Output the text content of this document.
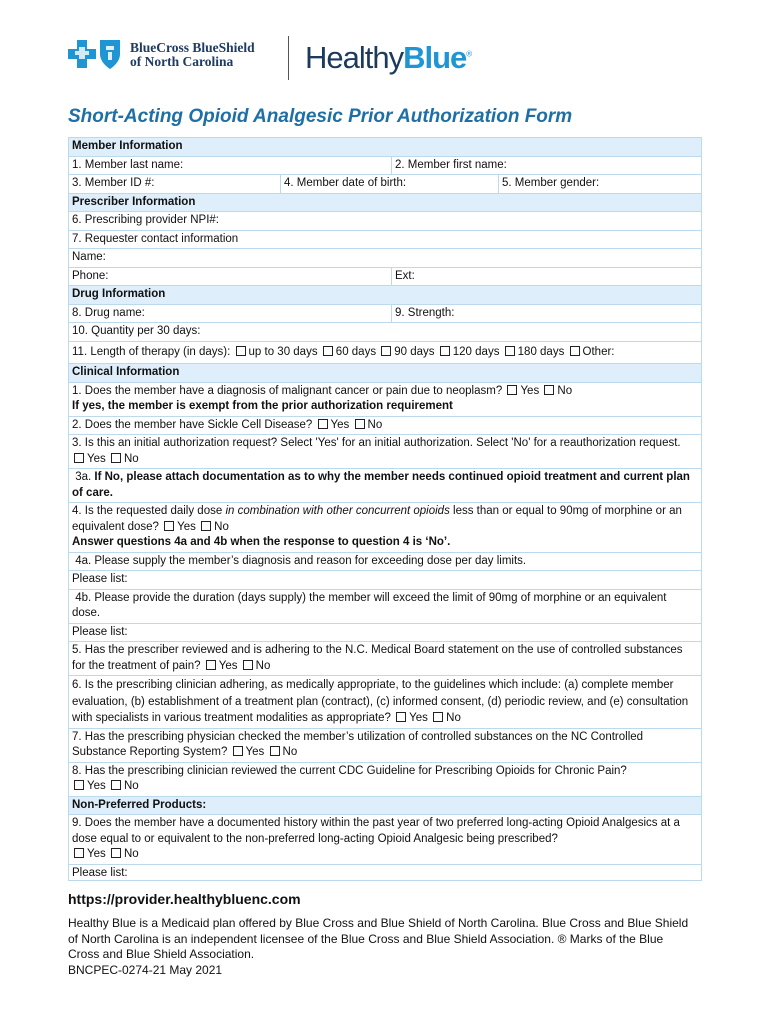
BlueCross BlueShield
of North Carolina	HealthyBlue®
Short-Acting Opioid Analgesic Prior Authorization Form
Member Information
1. Member last name:	2. Member first name:
3. Member ID #:	4. Member date of birth:	5. Member gender:
Prescriber Information
6. Prescribing provider NPI#:
7. Requester contact information
Name:
Phone:	Ext:
Drug Information
8. Drug name:	9. Strength:
10. Quantity per 30 days:
11. Length of therapy (in days): up to 30 days 60 days 90 days 120 days 180 days Other:
Clinical Information
1. Does the member have a diagnosis of malignant cancer or pain due to neoplasm? Yes No
If yes, the member is exempt from the prior authorization requirement
2. Does the member have Sickle Cell Disease? Yes No
3. Is this an initial authorization request? Select 'Yes' for an initial authorization. Select 'No' for a reauthorization request. Yes No
3a. If No, please attach documentation as to why the member needs continued opioid treatment and current plan of care.
4. Is the requested daily dose in combination with other concurrent opioids less than or equal to 90mg of morphine or an equivalent dose? Yes No
Answer questions 4a and 4b when the response to question 4 is ‘No’.
4a. Please supply the member’s diagnosis and reason for exceeding dose per day limits.
Please list:
4b. Please provide the duration (days supply) the member will exceed the limit of 90mg of morphine or an equivalent dose.
Please list:
5. Has the prescriber reviewed and is adhering to the N.C. Medical Board statement on the use of controlled substances for the treatment of pain? Yes No
6. Is the prescribing clinician adhering, as medically appropriate, to the guidelines which include: (a) complete member evaluation, (b) establishment of a treatment plan (contract), (c) informed consent, (d) periodic review, and (e) consultation with specialists in various treatment modalities as appropriate? Yes No
7. Has the prescribing physician checked the member’s utilization of controlled substances on the NC Controlled Substance Reporting System? Yes No
8. Has the prescribing clinician reviewed the current CDC Guideline for Prescribing Opioids for Chronic Pain?
Yes No
Non-Preferred Products:
9. Does the member have a documented history within the past year of two preferred long-acting Opioid Analgesics at a dose equal to or equivalent to the non-preferred long-acting Opioid Analgesic being prescribed?
Yes No
Please list:
https://provider.healthybluenc.com
Healthy Blue is a Medicaid plan offered by Blue Cross and Blue Shield of North Carolina. Blue Cross and Blue Shield of North Carolina is an independent licensee of the Blue Cross and Blue Shield Association. ® Marks of the Blue Cross and Blue Shield Association.
BNCPEC-0274-21 May 2021
